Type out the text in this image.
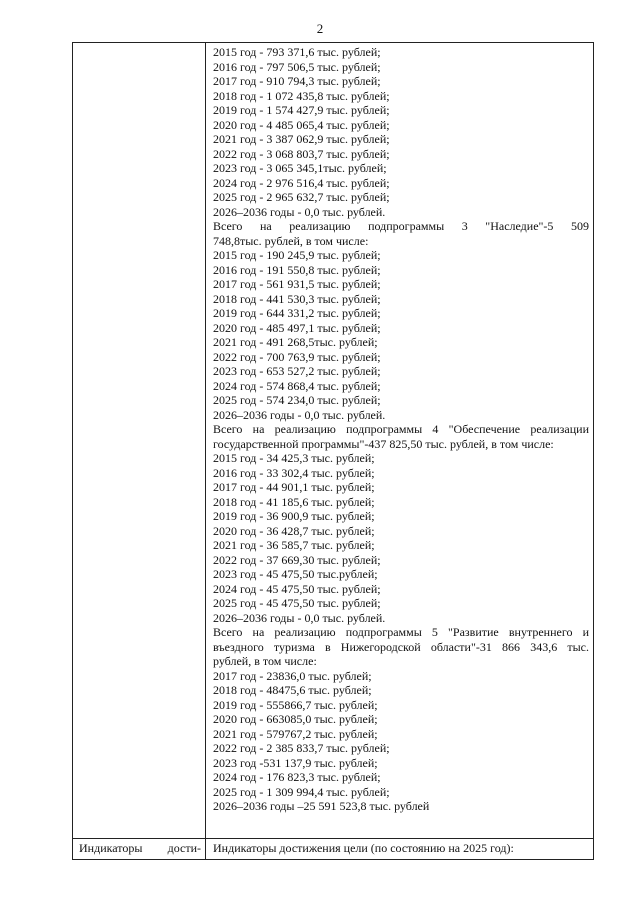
2
2015 год - 793 371,6 тыс. рублей;
2016 год - 797 506,5 тыс. рублей;
2017 год - 910 794,3 тыс. рублей;
2018 год - 1 072 435,8 тыс. рублей;
2019 год - 1 574 427,9 тыс. рублей;
2020 год - 4 485 065,4 тыс. рублей;
2021 год - 3 387 062,9 тыс. рублей;
2022 год - 3 068 803,7 тыс. рублей;
2023 год - 3 065 345,1тыс. рублей;
2024 год - 2 976 516,4 тыс. рублей;
2025 год - 2 965 632,7 тыс. рублей;
2026–2036 годы - 0,0 тыс. рублей.
Всего на реализацию подпрограммы 3 "Наследие"-5 509
748,8тыс. рублей, в том числе:
2015 год - 190 245,9 тыс. рублей;
2016 год - 191 550,8 тыс. рублей;
2017 год - 561 931,5 тыс. рублей;
2018 год - 441 530,3 тыс. рублей;
2019 год - 644 331,2 тыс. рублей;
2020 год - 485 497,1 тыс. рублей;
2021 год - 491 268,5тыс. рублей;
2022 год - 700 763,9 тыс. рублей;
2023 год - 653 527,2 тыс. рублей;
2024 год - 574 868,4 тыс. рублей;
2025 год - 574 234,0 тыс. рублей;
2026–2036 годы - 0,0 тыс. рублей.
Всего на реализацию подпрограммы 4 "Обеспечение реализации
государственной программы"-437 825,50 тыс. рублей, в том числе:
2015 год - 34 425,3 тыс. рублей;
2016 год - 33 302,4 тыс. рублей;
2017 год - 44 901,1 тыс. рублей;
2018 год - 41 185,6 тыс. рублей;
2019 год - 36 900,9 тыс. рублей;
2020 год - 36 428,7 тыс. рублей;
2021 год - 36 585,7 тыс. рублей;
2022 год - 37 669,30 тыс. рублей;
2023 год - 45 475,50 тыс.рублей;
2024 год - 45 475,50 тыс. рублей;
2025 год - 45 475,50 тыс. рублей;
2026–2036 годы - 0,0 тыс. рублей.
Всего на реализацию подпрограммы 5 "Развитие внутреннего и
въездного туризма в Нижегородской области"-31 866 343,6 тыс.
рублей, в том числе:
2017 год - 23836,0 тыс. рублей;
2018 год - 48475,6 тыс. рублей;
2019 год - 555866,7 тыс. рублей;
2020 год - 663085,0 тыс. рублей;
2021 год - 579767,2 тыс. рублей;
2022 год - 2 385 833,7 тыс. рублей;
2023 год -531 137,9 тыс. рублей;
2024 год - 176 823,3 тыс. рублей;
2025 год - 1 309 994,4 тыс. рублей;
2026–2036 годы –25 591 523,8 тыс. рублей
Индикаторы дости- Индикаторы достижения цели (по состоянию на 2025 год):
